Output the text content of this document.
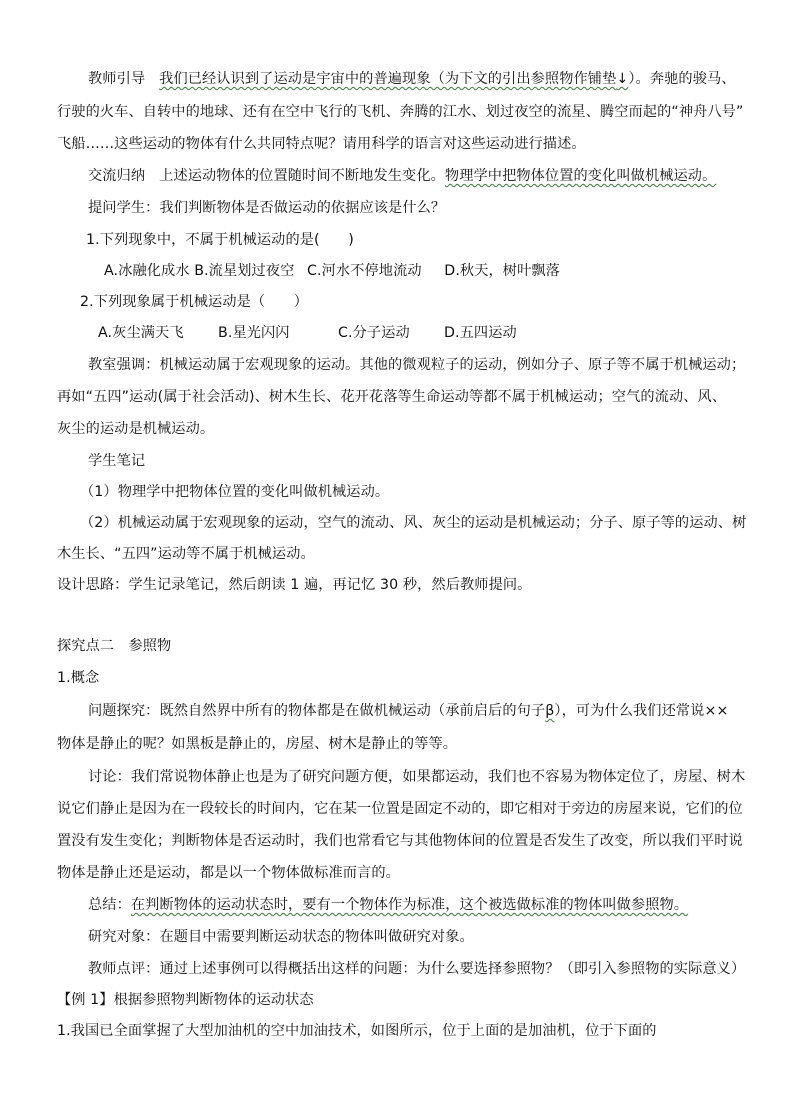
教师引导 我们已经认识到了运动是宇宙中的普遍现象（为下文的引出参照物作铺垫↓）。奔驰的骏马、
行驶的火车、自转中的地球、还有在空中飞行的飞机、奔腾的江水、划过夜空的流星、腾空而起的“神舟八号”
飞船……这些运动的物体有什么共同特点呢？请用科学的语言对这些运动进行描述。
交流归纳 上述运动物体的位置随时间不断地发生变化。物理学中把物体位置的变化叫做机械运动。
提问学生：我们判断物体是否做运动的依据应该是什么？
1.下列现象中，不属于机械运动的是(　　)
A.冰融化成水 B.流星划过夜空 C.河水不停地流动 D.秋天，树叶飘落
2.下列现象属于机械运动是（　　）
A.灰尘满天飞 B.星光闪闪	C.分子运动 D.五四运动
教室强调：机械运动属于宏观现象的运动。其他的微观粒子的运动，例如分子、原子等不属于机械运动；
再如“五四”运动(属于社会活动)、树木生长、花开花落等生命运动等都不属于机械运动；空气的流动、风、
灰尘的运动是机械运动。
学生笔记
（1）物理学中把物体位置的变化叫做机械运动。
（2）机械运动属于宏观现象的运动，空气的流动、风、灰尘的运动是机械运动；分子、原子等的运动、树
木生长、“五四”运动等不属于机械运动。
设计思路：学生记录笔记，然后朗读 1 遍，再记忆 30 秒，然后教师提问。
探究点二　参照物
1.概念
问题探究：既然自然界中所有的物体都是在做机械运动（承前启后的句子β），可为什么我们还常说××
物体是静止的呢？如黑板是静止的，房屋、树木是静止的等等。
讨论：我们常说物体静止也是为了研究问题方便，如果都运动，我们也不容易为物体定位了，房屋、树木
说它们静止是因为在一段较长的时间内，它在某一位置是固定不动的，即它相对于旁边的房屋来说，它们的位
置没有发生变化；判断物体是否运动时，我们也常看它与其他物体间的位置是否发生了改变，所以我们平时说
物体是静止还是运动，都是以一个物体做标准而言的。
总结：在判断物体的运动状态时，要有一个物体作为标准，这个被选做标准的物体叫做参照物。
研究对象：在题目中需要判断运动状态的物体叫做研究对象。
教师点评：通过上述事例可以得概括出这样的问题：为什么要选择参照物？（即引入参照物的实际意义）
【例 1】根据参照物判断物体的运动状态
1.我国已全面掌握了大型加油机的空中加油技术，如图所示，位于上面的是加油机，位于下面的
